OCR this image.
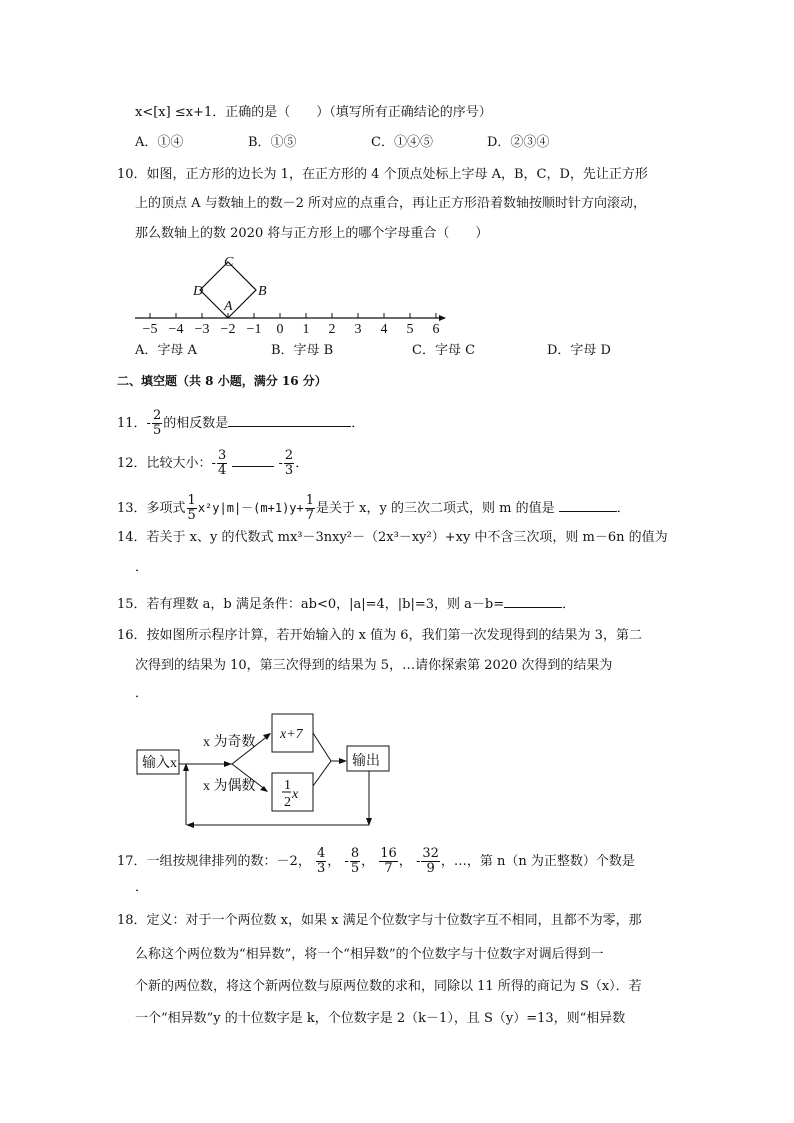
x<[x] ≤x+1．正确的是（　　）（填写所有正确结论的序号）
A．①④	B．①⑤	C．①④⑤	D．②③④
10．如图，正方形的边长为 1，在正方形的 4 个顶点处标上字母 A，B，C，D，先让正方形
上的顶点 A 与数轴上的数－2 所对应的点重合，再让正方形沿着数轴按顺时针方向滚动，
那么数轴上的数 2020 将与正方形上的哪个字母重合（　　）
C
D	B
A
−5 −4 −3 −2 −1 0 1 2 3 4 5 6
输入x
x 为奇数
x 为偶数
x+7
1
2
x
输出
A．字母 A	B．字母 B	C．字母 C	D．字母 D
二、填空题（共 8 小题，满分 16 分）
11．- $\frac{2}{5}$ 的相反数是	．
12．比较大小：- $\frac{3}{4}$	- $\frac{2}{3}$ ．
13．多项式 $\frac{1}{5} x^2y|m|-(m+1)y+ \frac{1}{7}$ 是关于 x，y 的三次二项式，则 m 的值是	．
14．若关于 x、y 的代数式 mx³－3nxy²－（2x³－xy²）+xy 中不含三次项，则 m－6n 的值为
．
15．若有理数 a，b 满足条件：ab<0，|a|=4，|b|=3，则 a－b=	．
16．按如图所示程序计算，若开始输入的 x 值为 6，我们第一次发现得到的结果为 3，第二
次得到的结果为 10，第三次得到的结果为 5，…请你探索第 2020 次得到的结果为
．
17．一组按规律排列的数：－2， $\frac{4}{3}$ ， - $\frac{8}{5}$ ， $\frac{16}{7}$ ， - $\frac{32}{9}$ ，…，第 n（n 为正整数）个数是
．
18．定义：对于一个两位数 x，如果 x 满足个位数字与十位数字互不相同，且都不为零，那
么称这个两位数为“相异数”，将一个“相异数”的个位数字与十位数字对调后得到一
个新的两位数，将这个新两位数与原两位数的求和，同除以 11 所得的商记为 S（x）．若
一个“相异数”y 的十位数字是 k，个位数字是 2（k－1），且 S（y）=13，则“相异数
